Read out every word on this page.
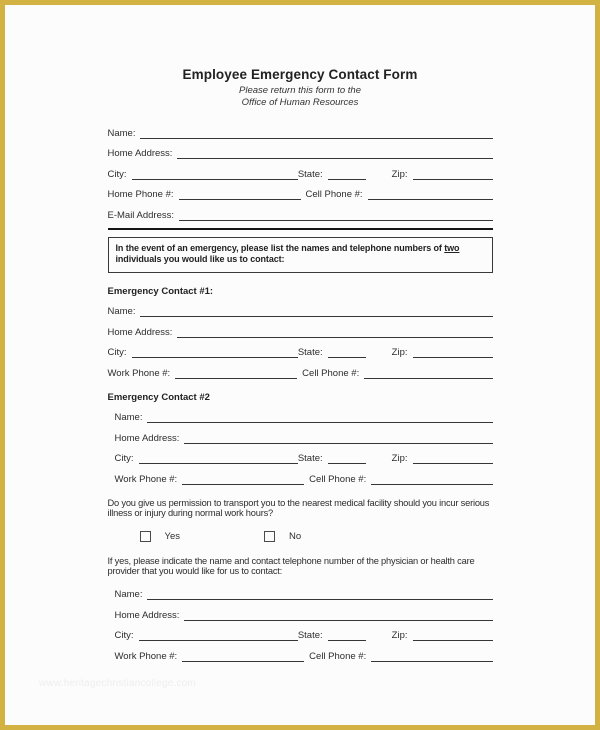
Employee Emergency Contact Form
Please return this form to the
Office of Human Resources
Name:
Home Address:
City:	State:	Zip:
Home Phone #:	Cell Phone #:
E-Mail Address:
In the event of an emergency, please list the names and telephone numbers of two
individuals you would like us to contact:
Emergency Contact #1:
Name:
Home Address:
City:	State:	Zip:
Work Phone #:	Cell Phone #:
Emergency Contact #2
Name:
Home Address:
City:	State:	Zip:
Work Phone #:	Cell Phone #:
Do you give us permission to transport you to the nearest medical facility should you incur serious
illness or injury during normal work hours?
Yes	No
If yes, please indicate the name and contact telephone number of the physician or health care
provider that you would like for us to contact:
Name:
Home Address:
City:	State:	Zip:
Work Phone #:	Cell Phone #:
www.heritagechristiancollege.com
